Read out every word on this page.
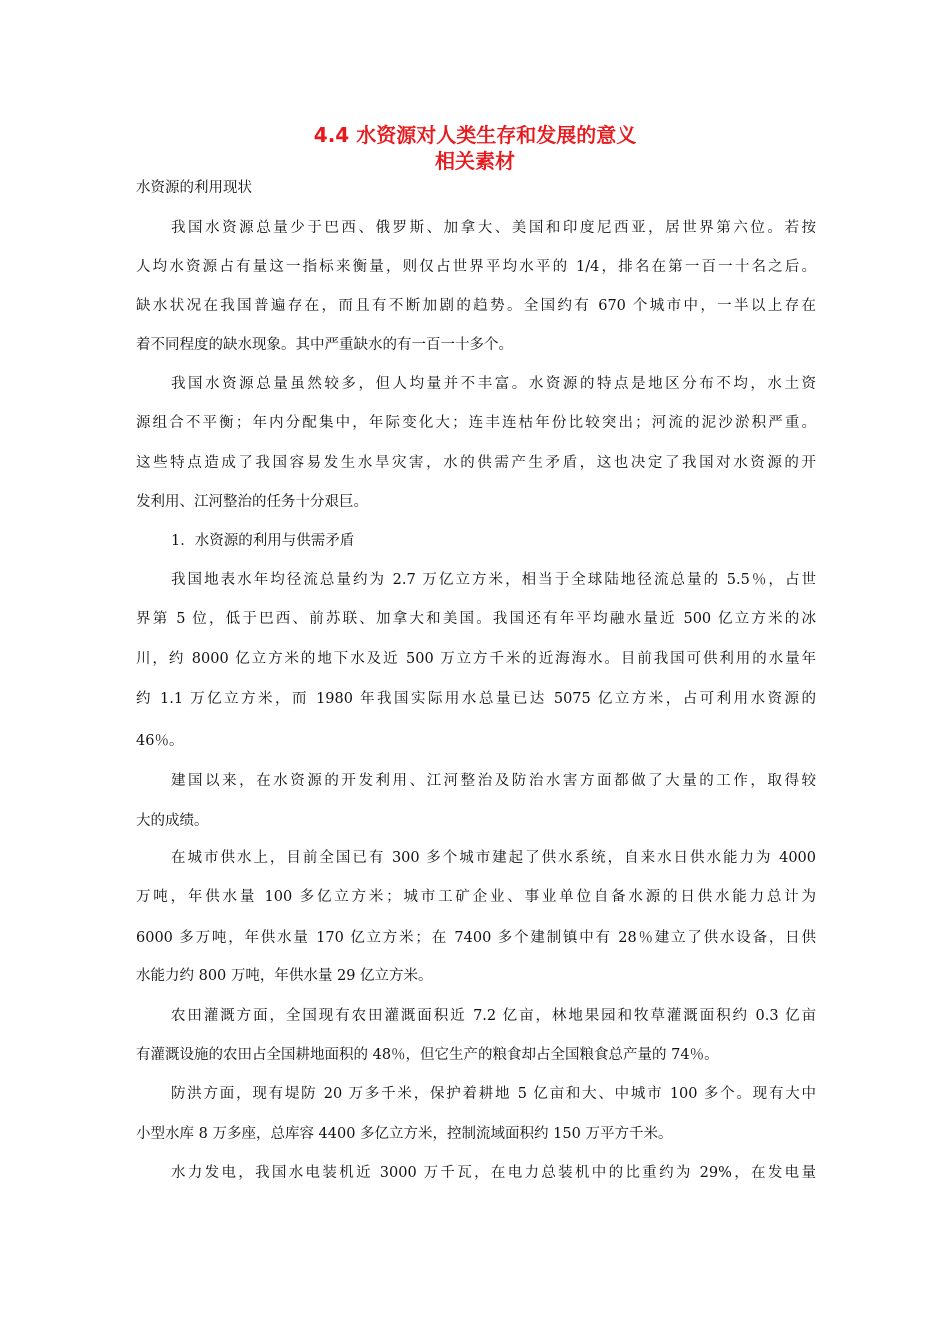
4.4 水资源对人类生存和发展的意义
相关素材
水资源的利用现状
我国水资源总量少于巴西、俄罗斯、加拿大、美国和印度尼西亚，居世界第六位。若按
人均水资源占有量这一指标来衡量，则仅占世界平均水平的 1/4，排名在第一百一十名之后。
缺水状况在我国普遍存在，而且有不断加剧的趋势。全国约有 670 个城市中，一半以上存在
着不同程度的缺水现象。其中严重缺水的有一百一十多个。
我国水资源总量虽然较多，但人均量并不丰富。水资源的特点是地区分布不均，水土资
源组合不平衡；年内分配集中，年际变化大；连丰连枯年份比较突出；河流的泥沙淤积严重。
这些特点造成了我国容易发生水旱灾害，水的供需产生矛盾，这也决定了我国对水资源的开
发利用、江河整治的任务十分艰巨。
1．水资源的利用与供需矛盾
我国地表水年均径流总量约为 2.7 万亿立方米，相当于全球陆地径流总量的 5.5％，占世
界第 5 位，低于巴西、前苏联、加拿大和美国。我国还有年平均融水量近 500 亿立方米的冰
川，约 8000 亿立方米的地下水及近 500 万立方千米的近海海水。目前我国可供利用的水量年
约 1.1 万亿立方米，而 1980 年我国实际用水总量已达 5075 亿立方米，占可利用水资源的
46％。
建国以来，在水资源的开发利用、江河整治及防治水害方面都做了大量的工作，取得较
大的成绩。
在城市供水上，目前全国已有 300 多个城市建起了供水系统，自来水日供水能力为 4000
万吨，年供水量 100 多亿立方米；城市工矿企业、事业单位自备水源的日供水能力总计为
6000 多万吨，年供水量 170 亿立方米；在 7400 多个建制镇中有 28％建立了供水设备，日供
水能力约 800 万吨，年供水量 29 亿立方米。
农田灌溉方面，全国现有农田灌溉面积近 7.2 亿亩，林地果园和牧草灌溉面积约 0.3 亿亩
有灌溉设施的农田占全国耕地面积的 48％，但它生产的粮食却占全国粮食总产量的 74％。
防洪方面，现有堤防 20 万多千米，保护着耕地 5 亿亩和大、中城市 100 多个。现有大中
小型水库 8 万多座，总库容 4400 多亿立方米，控制流域面积约 150 万平方千米。
水力发电，我国水电装机近 3000 万千瓦，在电力总装机中的比重约为 29%，在发电量
